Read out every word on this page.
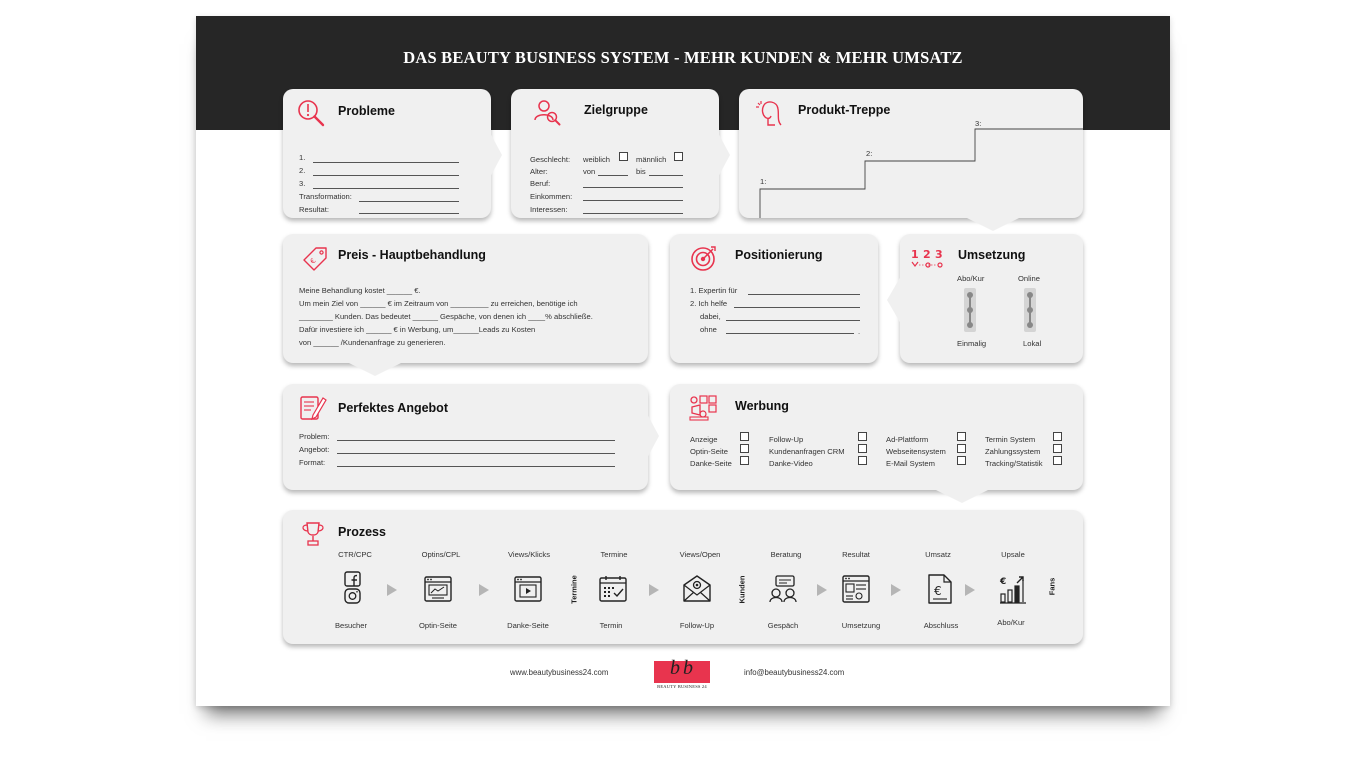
DAS BEAUTY BUSINESS SYSTEM - MEHR KUNDEN & MEHR UMSATZ
Probleme
1.
2.
3.
Transformation:
Resultat:
Zielgruppe
Geschlecht: weiblich	männlich
Alter:	von	bis
Beruf:
Einkommen:
Interessen:
Produkt-Treppe
1:
2:
3:
€ Preis - Hauptbehandlung
Meine Behandlung kostet ______ €.
Um mein Ziel von ______ € im Zeitraum von _________ zu erreichen, benötige ich
________ Kunden. Das bedeutet ______ Gespäche, von denen ich ____% abschließe.
Dafür investiere ich ______ € in Werbung, um______Leads zu Kosten
von ______ /Kundenanfrage zu generieren.
Positionierung
1. Expertin für
2. Ich helfe
dabei,
ohne	.
1 2 3 Umsetzung
Abo/Kur	Online
Einmalig	Lokal
Perfektes Angebot
Problem:
Angebot:
Format:
Werbung
Anzeige
Optin-Seite
Danke-Seite
Follow-Up
Kundenanfragen CRM
Danke-Video
Ad-Plattform
Webseitensystem
E-Mail System
Termin System
Zahlungssystem
Tracking/Statistik
Prozess
CTR/CPC	Optins/CPL	Views/Klicks	Termine	Views/Open	Beratung	Resultat	Umsatz	Upsale
Termine	Kunden	€
€	Fans
Besucher	Optin-Seite	Danke-Seite	Termin	Follow-Up	Gespäch	Umsetzung	Abschluss	Abo/Kur
www.beautybusiness24.com	bb
BEAUTY BUSINESS 24
info@beautybusiness24.com
